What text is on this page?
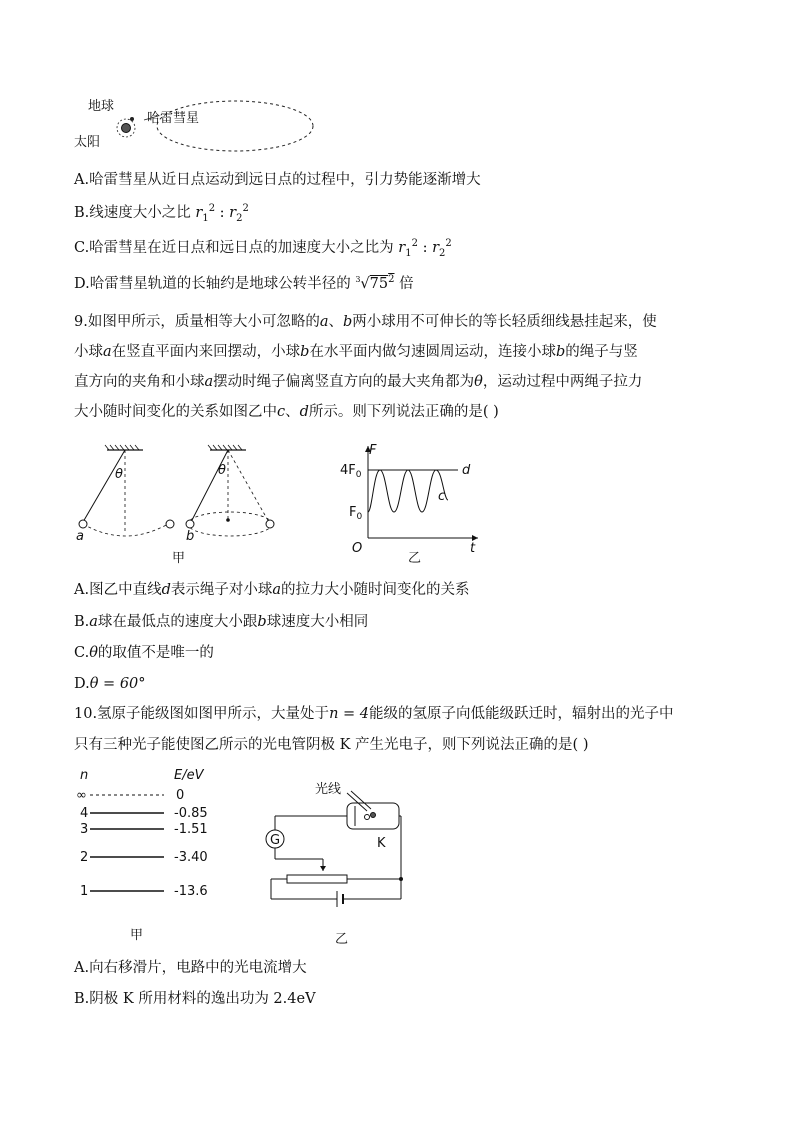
地球
哈雷彗星
太阳
A.哈雷彗星从近日点运动到远日点的过程中，引力势能逐渐增大
B.线速度大小之比 $r_1^2$ : $r_2^2$
C.哈雷彗星在近日点和远日点的加速度大小之比为 $r_1^2$ : $r_2^2$
D.哈雷彗星轨道的长轴约是地球公转半径的 $^3√75^2$ 倍
9.如图甲所示，质量相等大小可忽略的a、b两小球用不可伸长的等长轻质细线悬挂起来，使
小球a在竖直平面内来回摆动，小球b在水平面内做匀速圆周运动，连接小球b的绳子与竖
直方向的夹角和小球a摆动时绳子偏离竖直方向的最大夹角都为θ，运动过程中两绳子拉力
大小随时间变化的关系如图乙中c、d所示。则下列说法正确的是( )
θ
a
θ
b
甲
F
t
O
$4F_0$
$F_0$
d
c
乙
A.图乙中直线d表示绳子对小球a的拉力大小随时间变化的关系
B.a球在最低点的速度大小跟b球速度大小相同
C.θ的取值不是唯一的
D.θ = 60°
10.氢原子能级图如图甲所示，大量处于n = 4能级的氢原子向低能级跃迁时，辐射出的光子中
只有三种光子能使图乙所示的光电管阴极 K 产生光电子，则下列说法正确的是( )
n	E/eV
∞	0
4	-0.85
3	-1.51
2	-3.40
1	-13.6
甲
光线
K
G
乙
A.向右移滑片，电路中的光电流增大
B.阴极 K 所用材料的逸出功为 2.4eV
